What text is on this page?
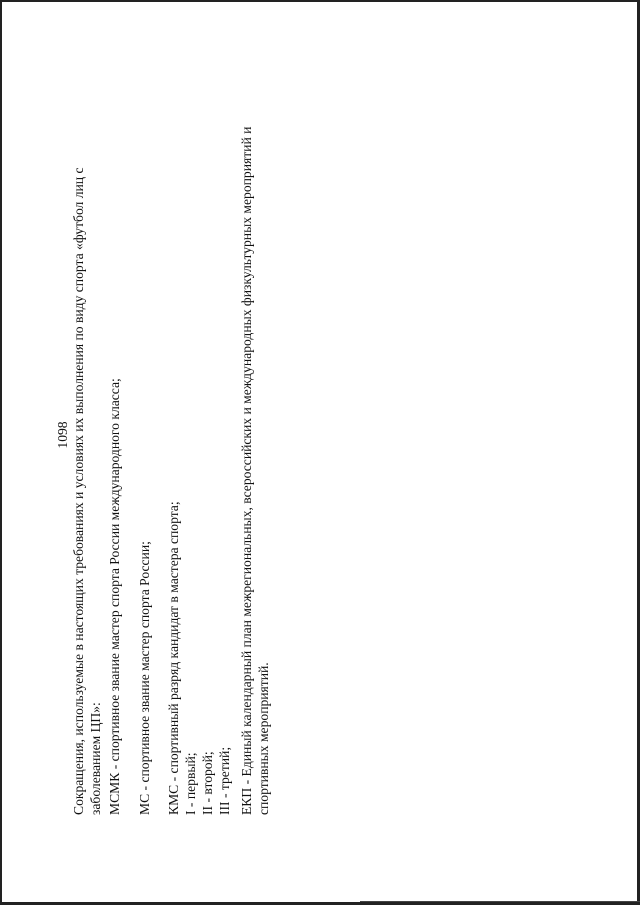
1098 Сокращения, используемые в настоящих требованиях и условиях их выполнения по виду спорта «футбол лиц с заболеванием ЦП»: МСМК - спортивное звание мастер спорта России международного класса; МС - спортивное звание мастер спорта России; КМС - спортивный разряд кандидат в мастера спорта; I - первый; II - второй; III - третий; ЕКП - Единый календарный план межрегиональных, всероссийских и международных физкультурных мероприятий и спортивных мероприятий.
